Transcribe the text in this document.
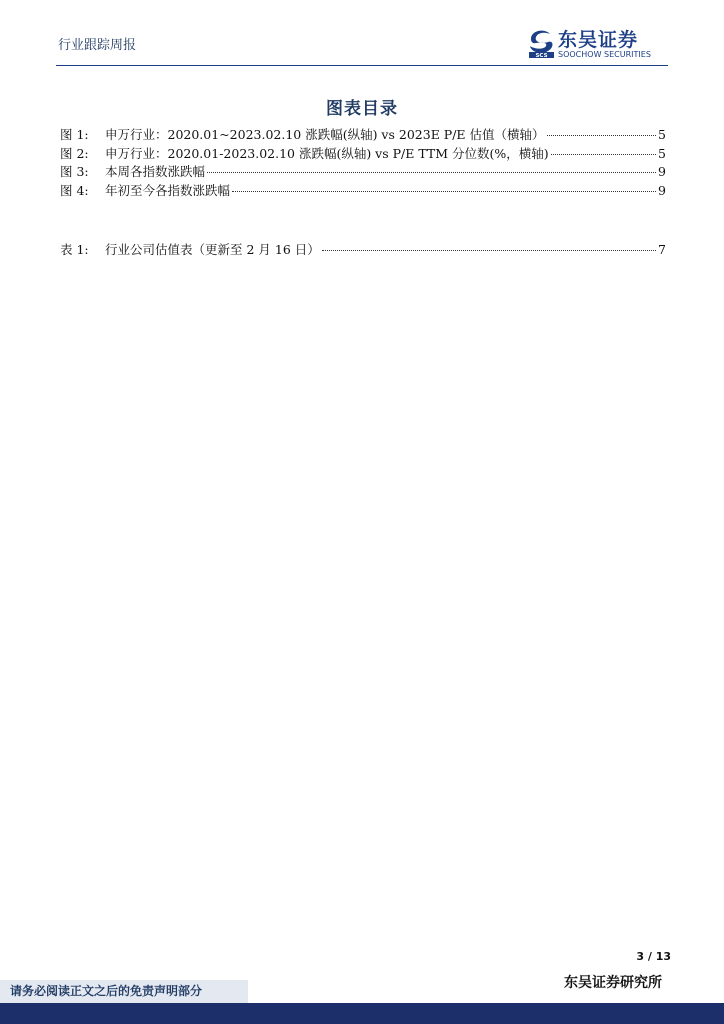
行业跟踪周报
SCS
东吴证券
SOOCHOW SECURITIES
图表目录
图 1:	申万行业：2020.01~2023.02.10 涨跌幅(纵轴) vs 2023E P/E 估值（横轴）	5
图 2:	申万行业：2020.01-2023.02.10 涨跌幅(纵轴) vs P/E TTM 分位数(%，横轴)	5
图 3:	本周各指数涨跌幅	9
图 4:	年初至今各指数涨跌幅	9
表 1:	行业公司估值表（更新至 2 月 16 日）	7
3 / 13
东吴证券研究所
请务必阅读正文之后的免责声明部分
